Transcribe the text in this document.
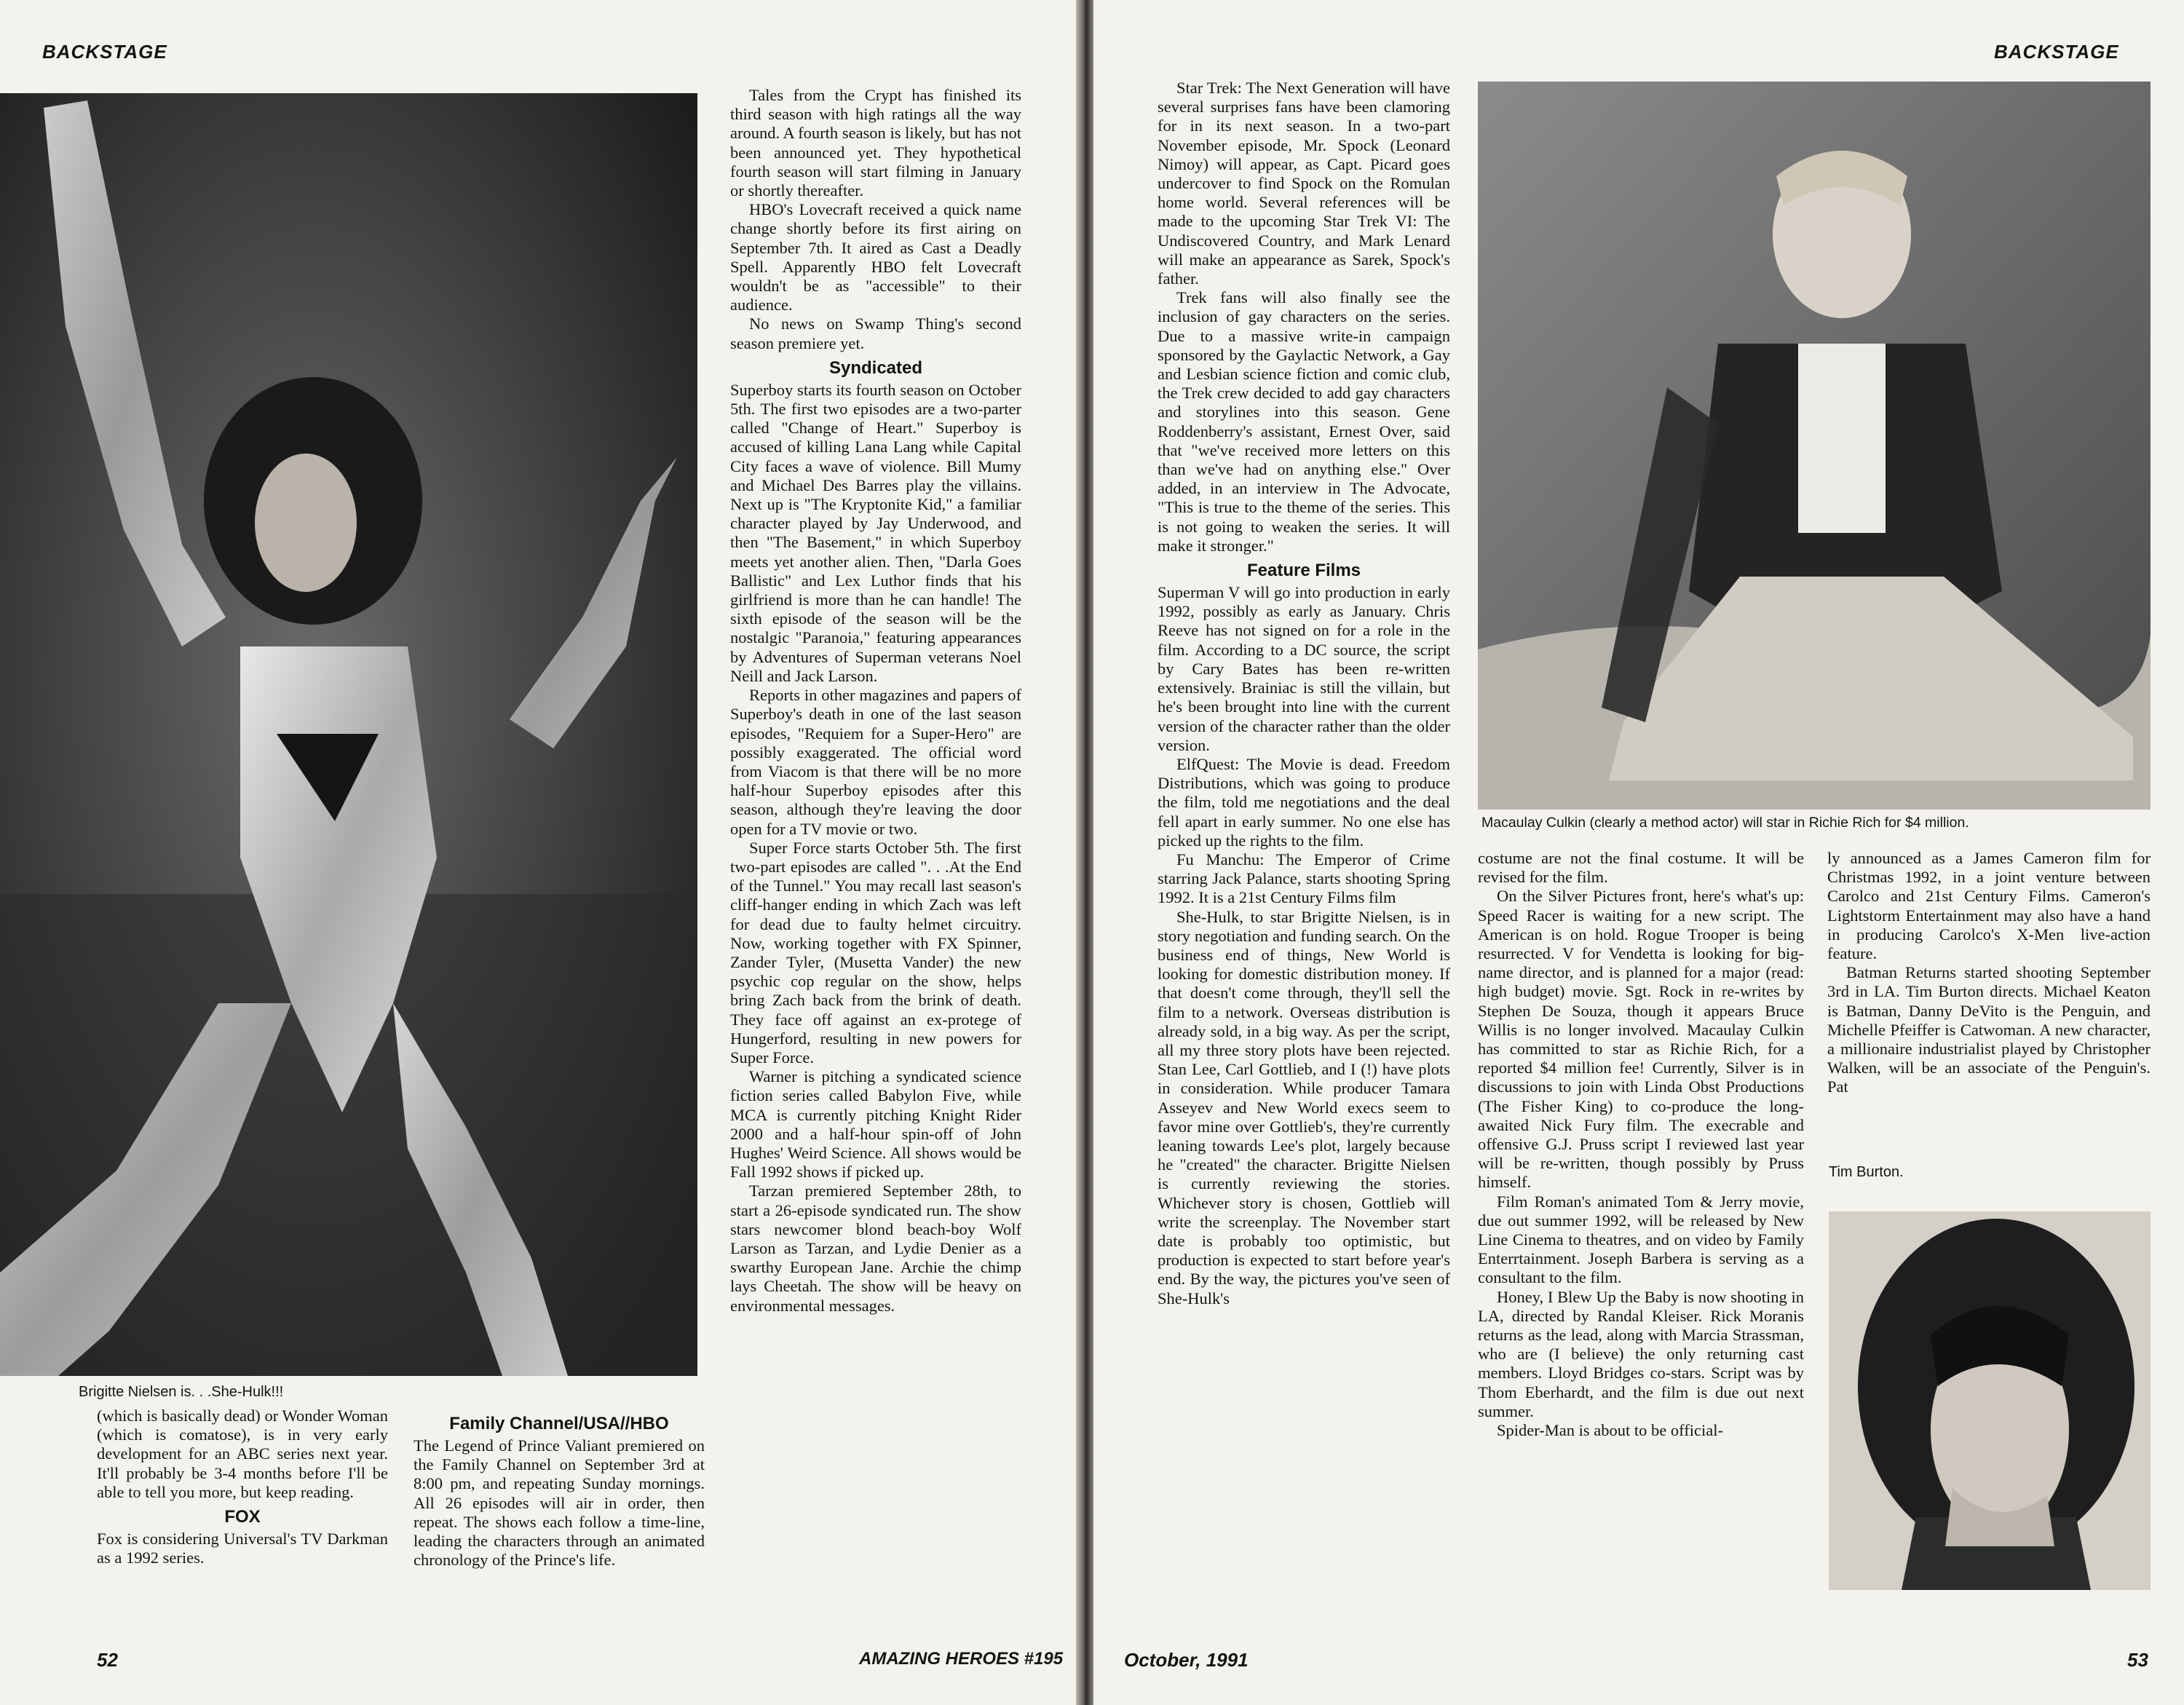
BACKSTAGE
Brigitte Nielsen is. . .She-Hulk!!!

(which is basically dead) or Wonder Woman (which is comatose), is in very early development for an ABC series next year. It'll probably be 3-4 months before I'll be able to tell you more, but keep reading.

FOX

Fox is considering Universal's TV Darkman as a 1992 series.

Family Channel/USA//HBO

The Legend of Prince Valiant premiered on the Family Channel on September 3rd at 8:00 pm, and repeating Sunday mornings. All 26 episodes will air in order, then repeat. The shows each follow a time-line, leading the characters through an animated chronology of the Prince's life.

Tales from the Crypt has finished its third season with high ratings all the way around. A fourth season is likely, but has not been announced yet. They hypothetical fourth season will start filming in January or shortly thereafter.

HBO's Lovecraft received a quick name change shortly before its first airing on September 7th. It aired as Cast a Deadly Spell. Apparently HBO felt Lovecraft wouldn't be as "accessible" to their audience.

No news on Swamp Thing's second season premiere yet.

Syndicated

Superboy starts its fourth season on October 5th. The first two episodes are a two-parter called "Change of Heart." Superboy is accused of killing Lana Lang while Capital City faces a wave of violence. Bill Mumy and Michael Des Barres play the villains. Next up is "The Kryptonite Kid," a familiar character played by Jay Underwood, and then "The Basement," in which Superboy meets yet another alien. Then, "Darla Goes Ballistic" and Lex Luthor finds that his girlfriend is more than he can handle! The sixth episode of the season will be the nostalgic "Paranoia," featuring appearances by Adventures of Superman veterans Noel Neill and Jack Larson.

Reports in other magazines and papers of Superboy's death in one of the last season episodes, "Requiem for a Super-Hero" are possibly exaggerated. The official word from Viacom is that there will be no more half-hour Superboy episodes after this season, although they're leaving the door open for a TV movie or two.

Super Force starts October 5th. The first two-part episodes are called ". . .At the End of the Tunnel." You may recall last season's cliff-hanger ending in which Zach was left for dead due to faulty helmet circuitry. Now, working together with FX Spinner, Zander Tyler, (Musetta Vander) the new psychic cop regular on the show, helps bring Zach back from the brink of death. They face off against an ex-protege of Hungerford, resulting in new powers for Super Force.

Warner is pitching a syndicated science fiction series called Babylon Five, while MCA is currently pitching Knight Rider 2000 and a half-hour spin-off of John Hughes' Weird Science. All shows would be Fall 1992 shows if picked up.

Tarzan premiered September 28th, to start a 26-episode syndicated run. The show stars newcomer blond beach-boy Wolf Larson as Tarzan, and Lydie Denier as a swarthy European Jane. Archie the chimp lays Cheetah. The show will be heavy on environmental messages.

52	AMAZING HEROES #195
BACKSTAGE

Star Trek: The Next Generation will have several surprises fans have been clamoring for in its next season. In a two-part November episode, Mr. Spock (Leonard Nimoy) will appear, as Capt. Picard goes undercover to find Spock on the Romulan home world. Several references will be made to the upcoming Star Trek VI: The Undiscovered Country, and Mark Lenard will make an appearance as Sarek, Spock's father.

Trek fans will also finally see the inclusion of gay characters on the series. Due to a massive write-in campaign sponsored by the Gaylactic Network, a Gay and Lesbian science fiction and comic club, the Trek crew decided to add gay characters and storylines into this season. Gene Roddenberry's assistant, Ernest Over, said that "we've received more letters on this than we've had on anything else." Over added, in an interview in The Advocate, "This is true to the theme of the series. This is not going to weaken the series. It will make it stronger."

Feature Films

Superman V will go into production in early 1992, possibly as early as January. Chris Reeve has not signed on for a role in the film. According to a DC source, the script by Cary Bates has been re-written extensively. Brainiac is still the villain, but he's been brought into line with the current version of the character rather than the older version.

ElfQuest: The Movie is dead. Freedom Distributions, which was going to produce the film, told me negotiations and the deal fell apart in early summer. No one else has picked up the rights to the film.

Fu Manchu: The Emperor of Crime starring Jack Palance, starts shooting Spring 1992. It is a 21st Century Films film

She-Hulk, to star Brigitte Nielsen, is in story negotiation and funding search. On the business end of things, New World is looking for domestic distribution money. If that doesn't come through, they'll sell the film to a network. Overseas distribution is already sold, in a big way. As per the script, all my three story plots have been rejected. Stan Lee, Carl Gottlieb, and I (!) have plots in consideration. While producer Tamara Asseyev and New World execs seem to favor mine over Gottlieb's, they're currently leaning towards Lee's plot, largely because he "created" the character. Brigitte Nielsen is currently reviewing the stories. Whichever story is chosen, Gottlieb will write the screenplay. The November start date is probably too optimistic, but production is expected to start before year's end. By the way, the pictures you've seen of She-Hulk's

Macaulay Culkin (clearly a method actor) will star in Richie Rich for $4 million.

costume are not the final costume. It will be revised for the film.

On the Silver Pictures front, here's what's up: Speed Racer is waiting for a new script. The American is on hold. Rogue Trooper is being resurrected. V for Vendetta is looking for big-name director, and is planned for a major (read: high budget) movie. Sgt. Rock in re-writes by Stephen De Souza, though it appears Bruce Willis is no longer involved. Macaulay Culkin has committed to star as Richie Rich, for a reported $4 million fee! Currently, Silver is in discussions to join with Linda Obst Productions (The Fisher King) to co-produce the long-awaited Nick Fury film. The execrable and offensive G.J. Pruss script I reviewed last year will be re-written, though possibly by Pruss himself.

Film Roman's animated Tom & Jerry movie, due out summer 1992, will be released by New Line Cinema to theatres, and on video by Family Enterrtainment. Joseph Barbera is serving as a consultant to the film.

Honey, I Blew Up the Baby is now shooting in LA, directed by Randal Kleiser. Rick Moranis returns as the lead, along with Marcia Strassman, who are (I believe) the only returning cast members. Lloyd Bridges co-stars. Script was by Thom Eberhardt, and the film is due out next summer.

Spider-Man is about to be official-

ly announced as a James Cameron film for Christmas 1992, in a joint venture between Carolco and 21st Century Films. Cameron's Lightstorm Entertainment may also have a hand in producing Carolco's X-Men live-action feature.

Batman Returns started shooting September 3rd in LA. Tim Burton directs. Michael Keaton is Batman, Danny DeVito is the Penguin, and Michelle Pfeiffer is Catwoman. A new character, a millionaire industrialist played by Christopher Walken, will be an associate of the Penguin's. Pat

Tim Burton.
October, 1991	53
